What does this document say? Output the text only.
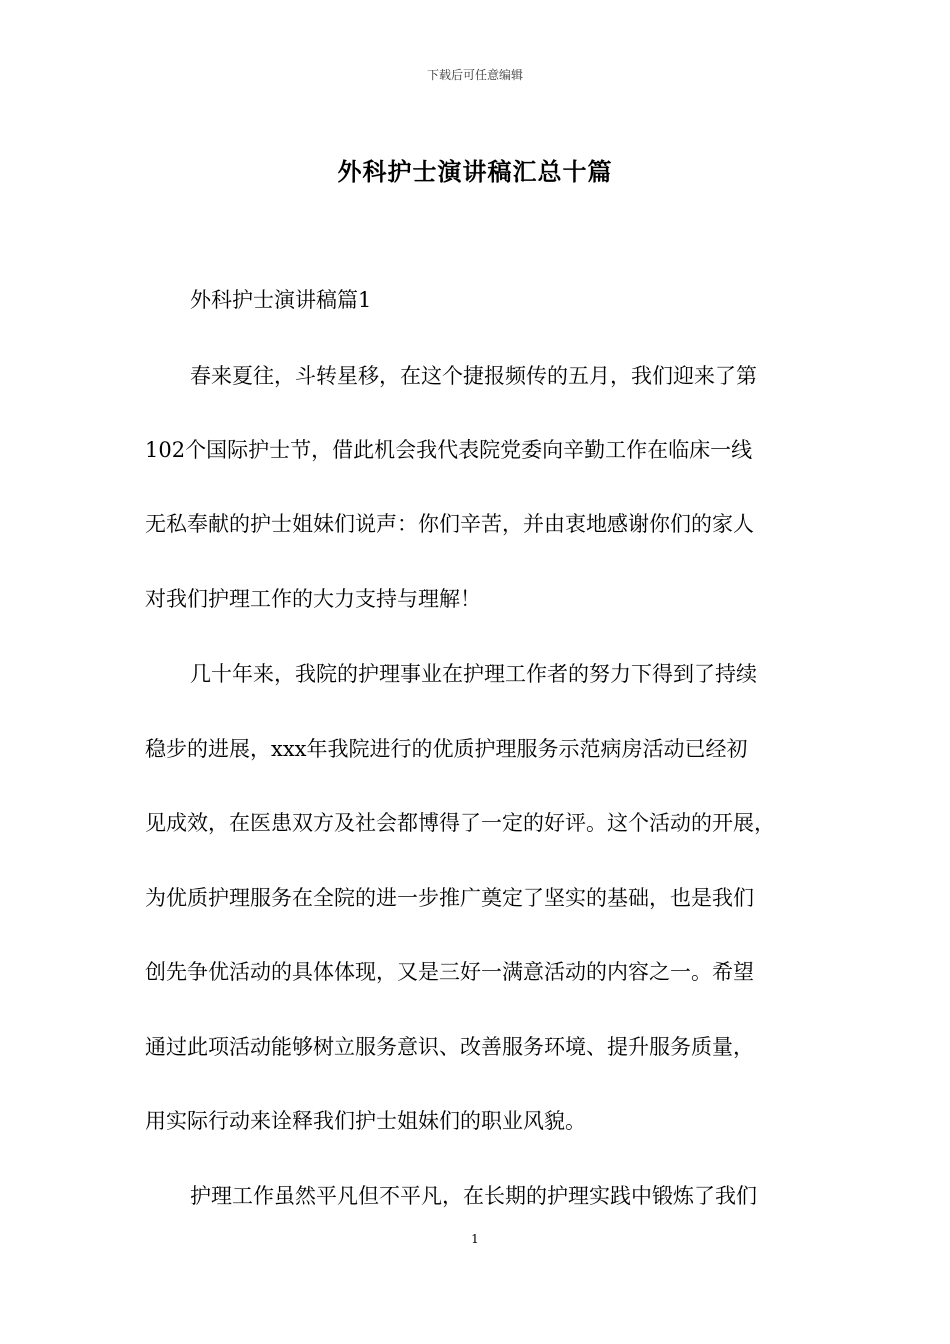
下载后可任意编辑
外科护士演讲稿汇总十篇
外科护士演讲稿篇1
春来夏往，斗转星移，在这个捷报频传的五月，我们迎来了第
102个国际护士节，借此机会我代表院党委向辛勤工作在临床一线
无私奉献的护士姐妹们说声：你们辛苦，并由衷地感谢你们的家人
对我们护理工作的大力支持与理解！
几十年来，我院的护理事业在护理工作者的努力下得到了持续
稳步的进展，xxx年我院进行的优质护理服务示范病房活动已经初
见成效，在医患双方及社会都博得了一定的好评。这个活动的开展，
为优质护理服务在全院的进一步推广奠定了坚实的基础，也是我们
创先争优活动的具体体现，又是三好一满意活动的内容之一。希望
通过此项活动能够树立服务意识、改善服务环境、提升服务质量，
用实际行动来诠释我们护士姐妹们的职业风貌。
护理工作虽然平凡但不平凡，在长期的护理实践中锻炼了我们
1
